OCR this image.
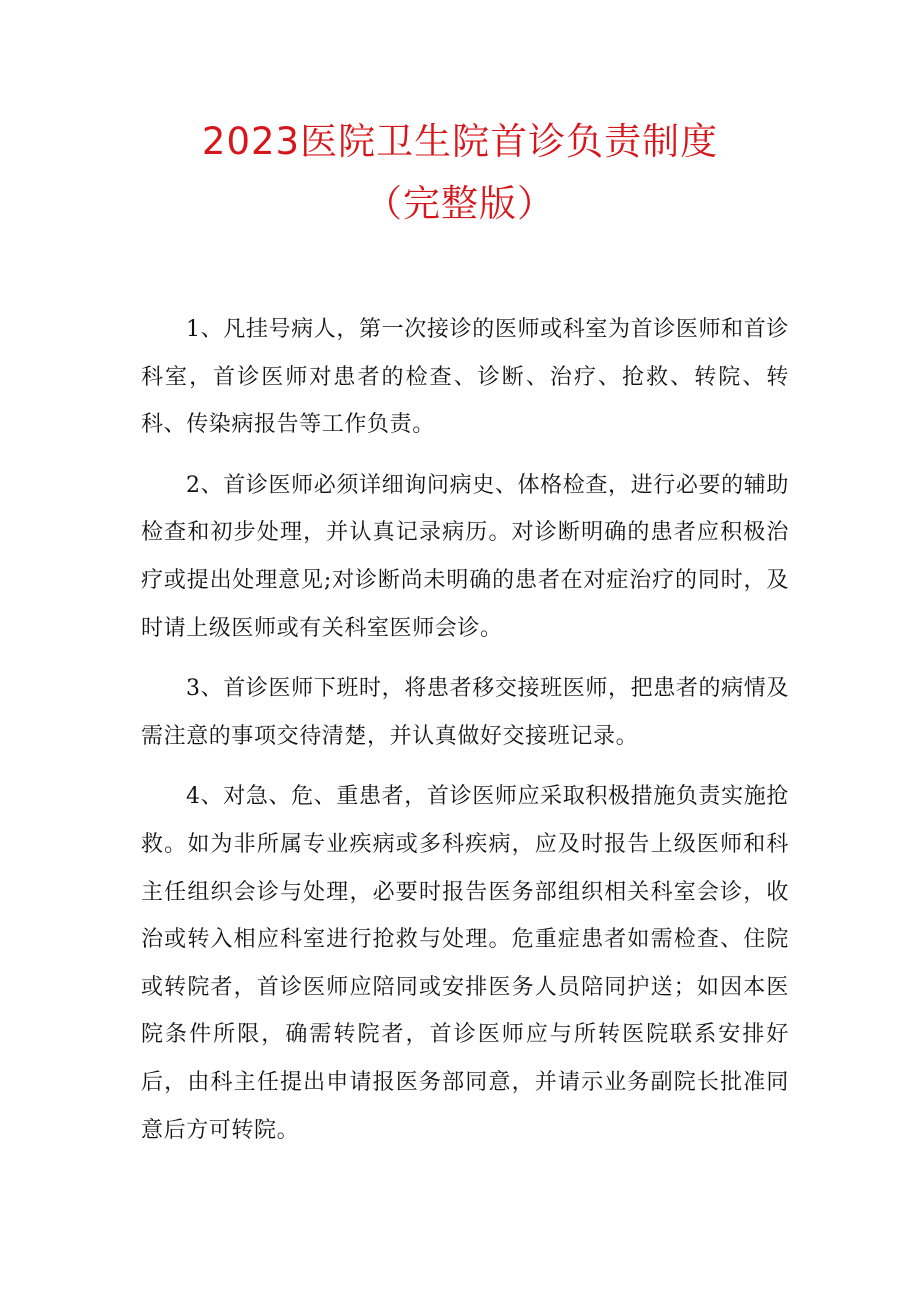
2023医院卫生院首诊负责制度
（完整版）

1、凡挂号病人，第一次接诊的医师或科室为首诊医师和首诊科室，首诊医师对患者的检查、诊断、治疗、抢救、转院、转科、传染病报告等工作负责。

2、首诊医师必须详细询问病史、体格检查，进行必要的辅助检查和初步处理，并认真记录病历。对诊断明确的患者应积极治疗或提出处理意见;对诊断尚未明确的患者在对症治疗的同时，及时请上级医师或有关科室医师会诊。

3、首诊医师下班时，将患者移交接班医师，把患者的病情及需注意的事项交待清楚，并认真做好交接班记录。

4、对急、危、重患者，首诊医师应采取积极措施负责实施抢救。如为非所属专业疾病或多科疾病，应及时报告上级医师和科主任组织会诊与处理，必要时报告医务部组织相关科室会诊，收治或转入相应科室进行抢救与处理。危重症患者如需检查、住院或转院者，首诊医师应陪同或安排医务人员陪同护送；如因本医院条件所限，确需转院者，首诊医师应与所转医院联系安排好后，由科主任提出申请报医务部同意，并请示业务副院长批准同意后方可转院。
